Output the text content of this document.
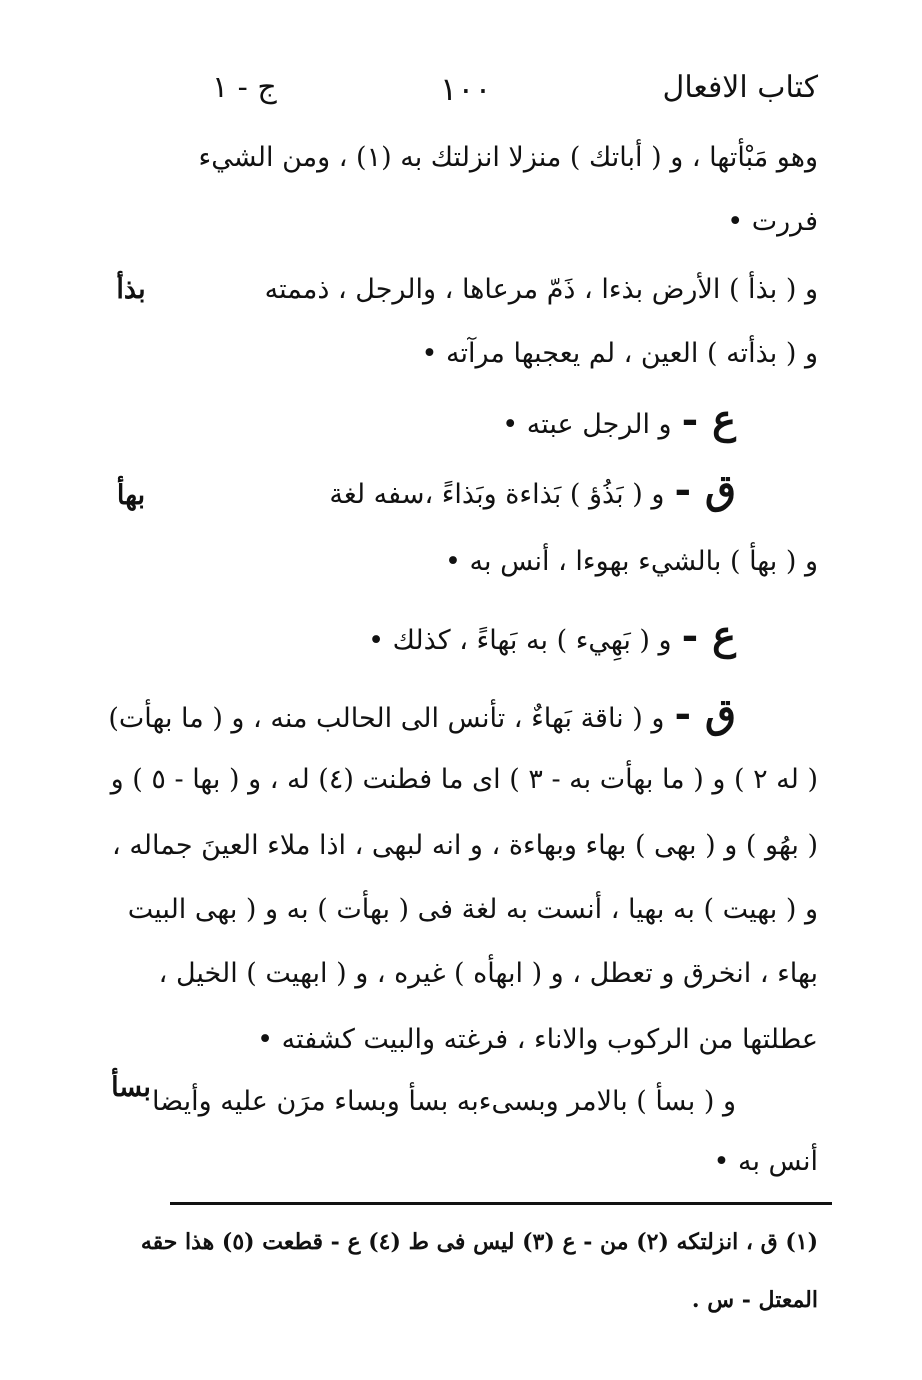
كتاب الافعال
١٠٠
ج - ١
وهو مَبْأتها ، و ( أباتك ) منزلا انزلتك به (١) ، ومن الشيء
فررت •
و ( بذأ ) الأرض بذءا ، ذَمّ مرعاها ، والرجل ، ذممته
و ( بذأته ) العين ، لم يعجبها مرآته •
ع -و الرجل عبته •
ق -و ( بَذُؤ ) بَذاءة وبَذاءً ،سفه لغة
و ( بهأ ) بالشيء بهوءا ، أنس به •
ع -و ( بَهِيء ) به بَهاءً ، كذلك •
ق -و ( ناقة بَهاءٌ ، تأنس الى الحالب منه ، و ( ما بهأت)
( له ٢ ) و ( ما بهأت به - ٣ ) اى ما فطنت (٤) له ، و ( بها - ٥ ) و
( بهُو ) و ( بهى ) بهاء وبهاءة ، و انه لبهى ، اذا ملاء العينَ جماله ،
و ( بهيت ) به بهيا ، أنست به لغة فى ( بهأت ) به و ( بهى البيت
بهاء ، انخرق و تعطل ، و ( ابهأه ) غيره ، و ( ابهيت ) الخيل ،
عطلتها من الركوب والاناء ، فرغته والبيت كشفته •
و ( بسأ ) بالامر وبسىءبه بسأ وبساء مرَن عليه وأيضا
أنس به •
بذأ
بهأ
بسأ
(١) ق ، انزلتكه (٢) من - ع (٣) ليس فى ط (٤) ع - قطعت (٥) هذا حقه
المعتل - س .
